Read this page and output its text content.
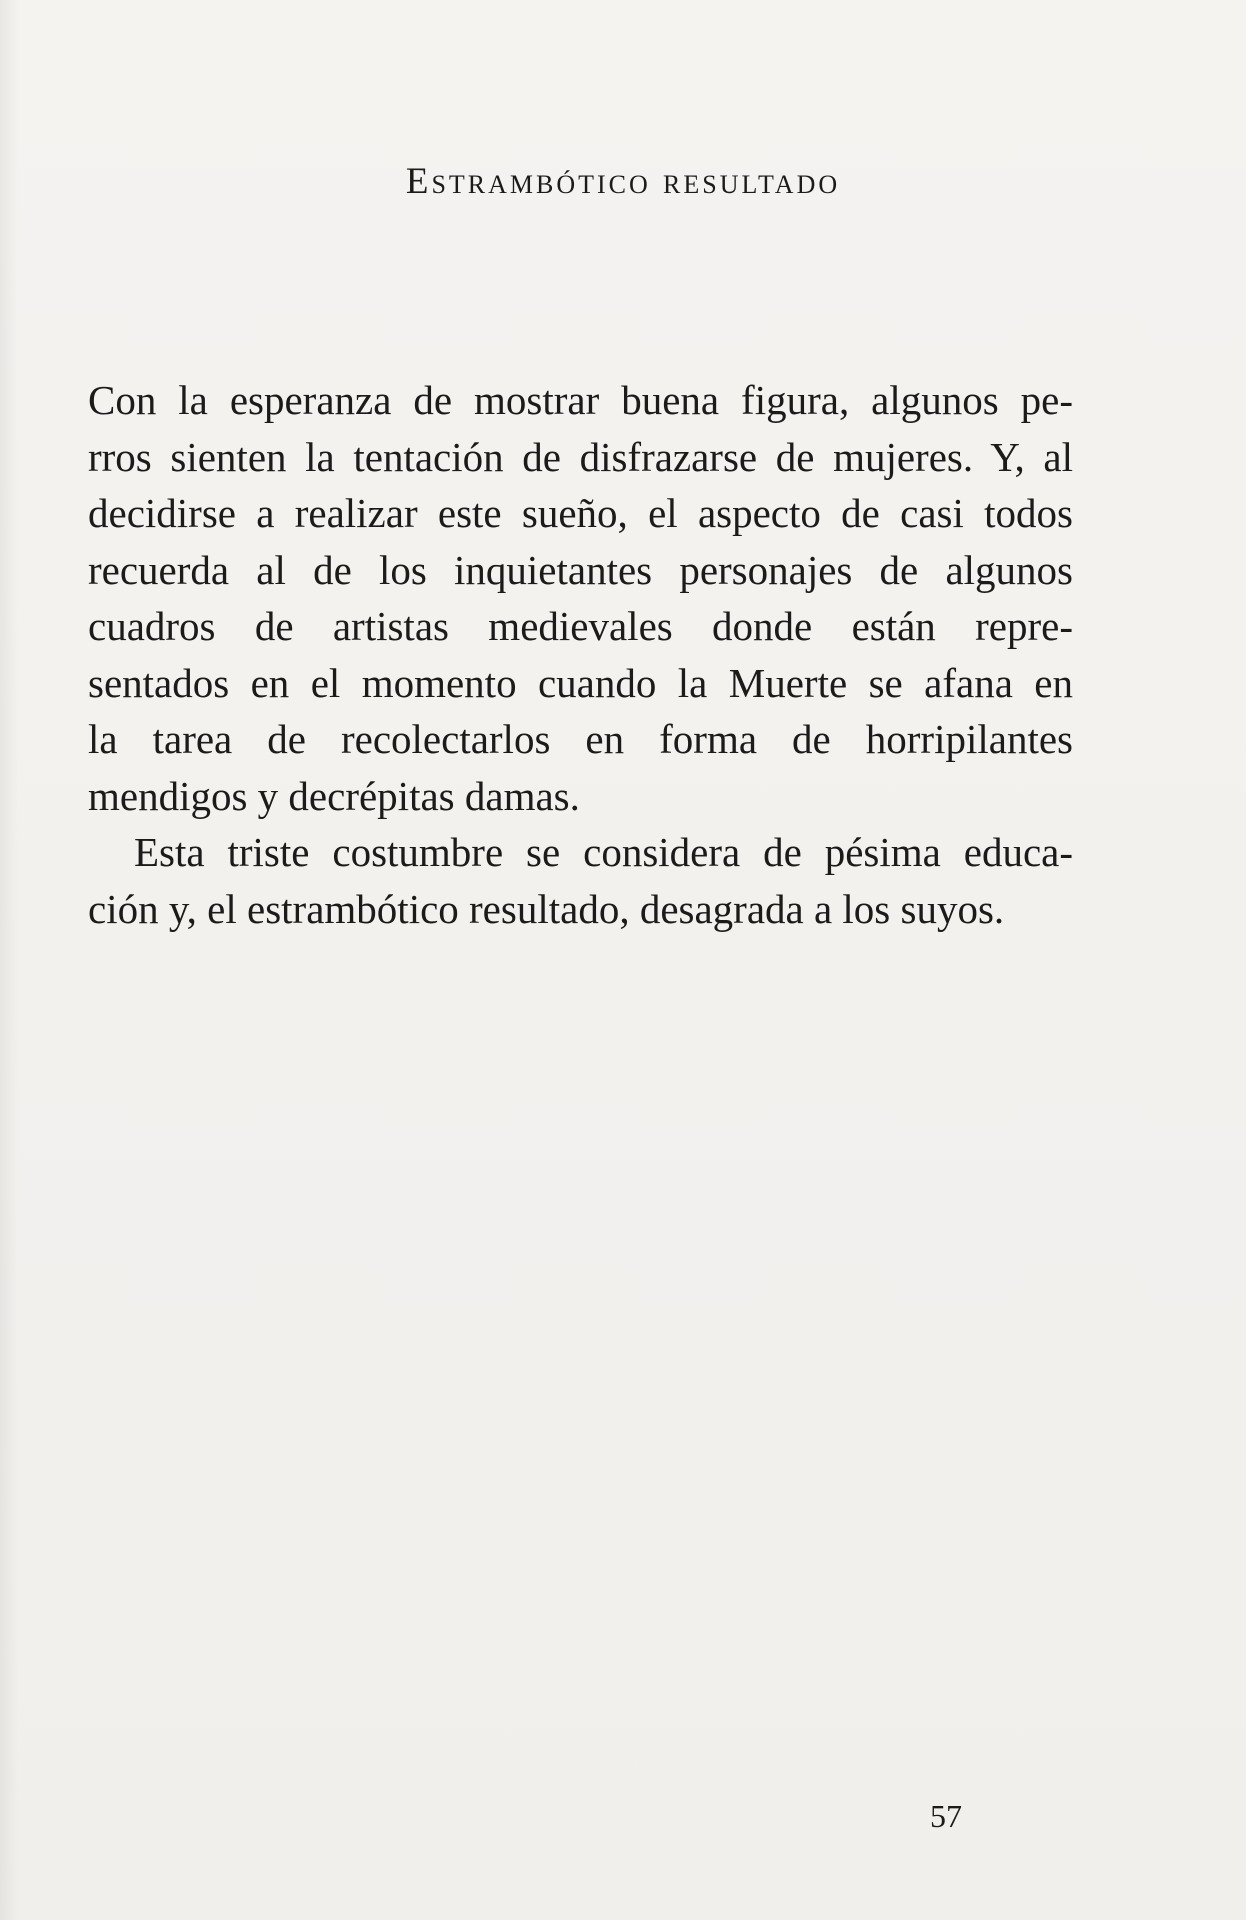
Estrambótico resultado
Con la esperanza de mostrar buena figura, algunos pe-
rros sienten la tentación de disfrazarse de mujeres. Y, al
decidirse a realizar este sueño, el aspecto de casi todos
recuerda al de los inquietantes personajes de algunos
cuadros de artistas medievales donde están repre-
sentados en el momento cuando la Muerte se afana en
la tarea de recolectarlos en forma de horripilantes
mendigos y decrépitas damas.
Esta triste costumbre se considera de pésima educa-
ción y, el estrambótico resultado, desagrada a los suyos.
57
